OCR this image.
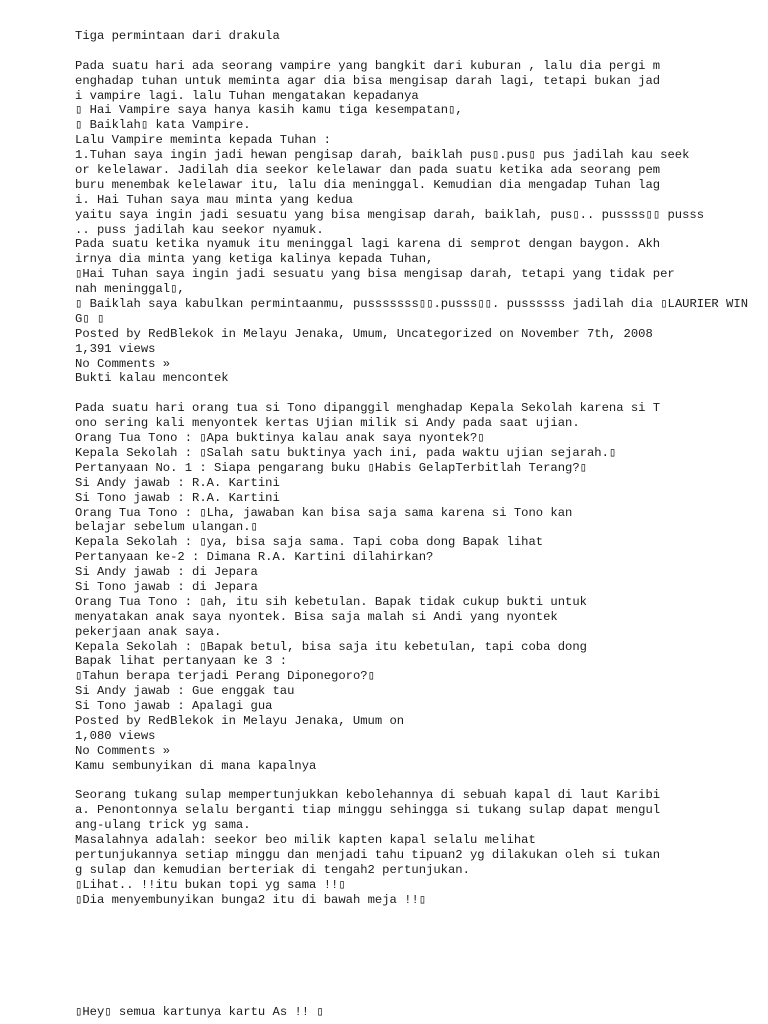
Tiga permintaan dari drakula
Pada suatu hari ada seorang vampire yang bangkit dari kuburan , lalu dia pergi m
enghadap tuhan untuk meminta agar dia bisa mengisap darah lagi, tetapi bukan jad
i vampire lagi. lalu Tuhan mengatakan kepadanya
▯ Hai Vampire saya hanya kasih kamu tiga kesempatan▯,
▯ Baiklah▯ kata Vampire.
Lalu Vampire meminta kepada Tuhan :
1.Tuhan saya ingin jadi hewan pengisap darah, baiklah pus▯.pus▯ pus jadilah kau seek
or kelelawar. Jadilah dia seekor kelelawar dan pada suatu ketika ada seorang pem
buru menembak kelelawar itu, lalu dia meninggal. Kemudian dia mengadap Tuhan lag
i. Hai Tuhan saya mau minta yang kedua
yaitu saya ingin jadi sesuatu yang bisa mengisap darah, baiklah, pus▯.. pussss▯▯ pusss
.. puss jadilah kau seekor nyamuk.
Pada suatu ketika nyamuk itu meninggal lagi karena di semprot dengan baygon. Akh
irnya dia minta yang ketiga kalinya kepada Tuhan,
▯Hai Tuhan saya ingin jadi sesuatu yang bisa mengisap darah, tetapi yang tidak per
nah meninggal▯,
▯ Baiklah saya kabulkan permintaanmu, pusssssss▯▯.pusss▯▯. pussssss jadilah dia ▯LAURIER WIN
G▯ ▯
Posted by RedBlekok in Melayu Jenaka, Umum, Uncategorized on November 7th, 2008
1,391 views
No Comments »
Bukti kalau mencontek
Pada suatu hari orang tua si Tono dipanggil menghadap Kepala Sekolah karena si T
ono sering kali menyontek kertas Ujian milik si Andy pada saat ujian.
Orang Tua Tono : ▯Apa buktinya kalau anak saya nyontek?▯
Kepala Sekolah : ▯Salah satu buktinya yach ini, pada waktu ujian sejarah.▯
Pertanyaan No. 1 : Siapa pengarang buku ▯Habis GelapTerbitlah Terang?▯
Si Andy jawab : R.A. Kartini
Si Tono jawab : R.A. Kartini
Orang Tua Tono : ▯Lha, jawaban kan bisa saja sama karena si Tono kan
belajar sebelum ulangan.▯
Kepala Sekolah : ▯ya, bisa saja sama. Tapi coba dong Bapak lihat
Pertanyaan ke-2 : Dimana R.A. Kartini dilahirkan?
Si Andy jawab : di Jepara
Si Tono jawab : di Jepara
Orang Tua Tono : ▯ah, itu sih kebetulan. Bapak tidak cukup bukti untuk
menyatakan anak saya nyontek. Bisa saja malah si Andi yang nyontek
pekerjaan anak saya.
Kepala Sekolah : ▯Bapak betul, bisa saja itu kebetulan, tapi coba dong
Bapak lihat pertanyaan ke 3 :
▯Tahun berapa terjadi Perang Diponegoro?▯
Si Andy jawab : Gue enggak tau
Si Tono jawab : Apalagi gua
Posted by RedBlekok in Melayu Jenaka, Umum on
1,080 views
No Comments »
Kamu sembunyikan di mana kapalnya
Seorang tukang sulap mempertunjukkan kebolehannya di sebuah kapal di laut Karibi
a. Penontonnya selalu berganti tiap minggu sehingga si tukang sulap dapat mengul
ang-ulang trick yg sama.
Masalahnya adalah: seekor beo milik kapten kapal selalu melihat
pertunjukannya setiap minggu dan menjadi tahu tipuan2 yg dilakukan oleh si tukan
g sulap dan kemudian berteriak di tengah2 pertunjukan.
▯Lihat.. !!itu bukan topi yg sama !!▯
▯Dia menyembunyikan bunga2 itu di bawah meja !!▯
▯Hey▯ semua kartunya kartu As !! ▯
